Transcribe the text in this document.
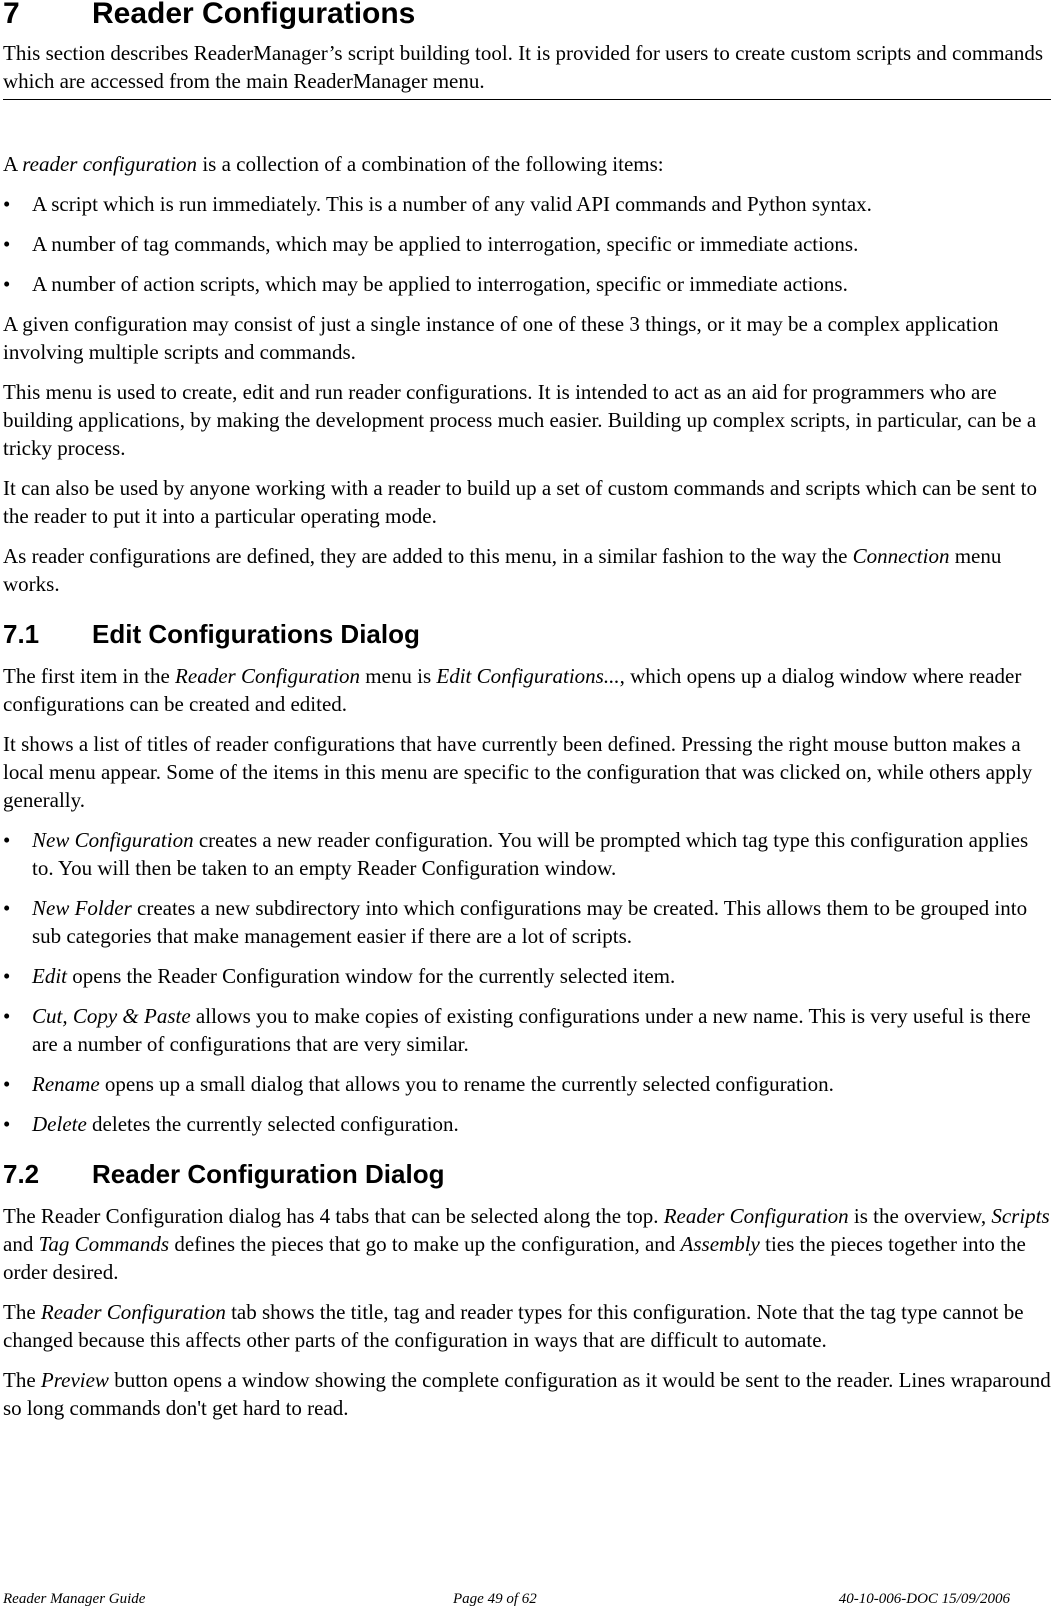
7 Reader Configurations

This section describes ReaderManager’s script building tool. It is provided for users to create custom scripts and commands which are accessed from the main ReaderManager menu.

A reader configuration is a collection of a combination of the following items:

• A script which is run immediately. This is a number of any valid API commands and Python syntax.
• A number of tag commands, which may be applied to interrogation, specific or immediate actions.
• A number of action scripts, which may be applied to interrogation, specific or immediate actions.

A given configuration may consist of just a single instance of one of these 3 things, or it may be a complex application involving multiple scripts and commands.

This menu is used to create, edit and run reader configurations. It is intended to act as an aid for programmers who are building applications, by making the development process much easier. Building up complex scripts, in particular, can be a tricky process.

It can also be used by anyone working with a reader to build up a set of custom commands and scripts which can be sent to the reader to put it into a particular operating mode.

As reader configurations are defined, they are added to this menu, in a similar fashion to the way the Connection menu works.

7.1 Edit Configurations Dialog

The first item in the Reader Configuration menu is Edit Configurations..., which opens up a dialog window where reader configurations can be created and edited.

It shows a list of titles of reader configurations that have currently been defined. Pressing the right mouse button makes a local menu appear. Some of the items in this menu are specific to the configuration that was clicked on, while others apply generally.

• New Configuration creates a new reader configuration. You will be prompted which tag type this configuration applies to. You will then be taken to an empty Reader Configuration window.
• New Folder creates a new subdirectory into which configurations may be created. This allows them to be grouped into sub categories that make management easier if there are a lot of scripts.
• Edit opens the Reader Configuration window for the currently selected item.
• Cut, Copy & Paste allows you to make copies of existing configurations under a new name. This is very useful is there are a number of configurations that are very similar.
• Rename opens up a small dialog that allows you to rename the currently selected configuration.
• Delete deletes the currently selected configuration.
7.2 Reader Configuration Dialog

The Reader Configuration dialog has 4 tabs that can be selected along the top. Reader Configuration is the overview, Scripts and Tag Commands defines the pieces that go to make up the configuration, and Assembly ties the pieces together into the order desired.

The Reader Configuration tab shows the title, tag and reader types for this configuration. Note that the tag type cannot be changed because this affects other parts of the configuration in ways that are difficult to automate.

The Preview button opens a window showing the complete configuration as it would be sent to the reader. Lines wraparound so long commands don't get hard to read.

Reader Manager Guide	Page 49 of 62	40-10-006-DOC 15/09/2006
